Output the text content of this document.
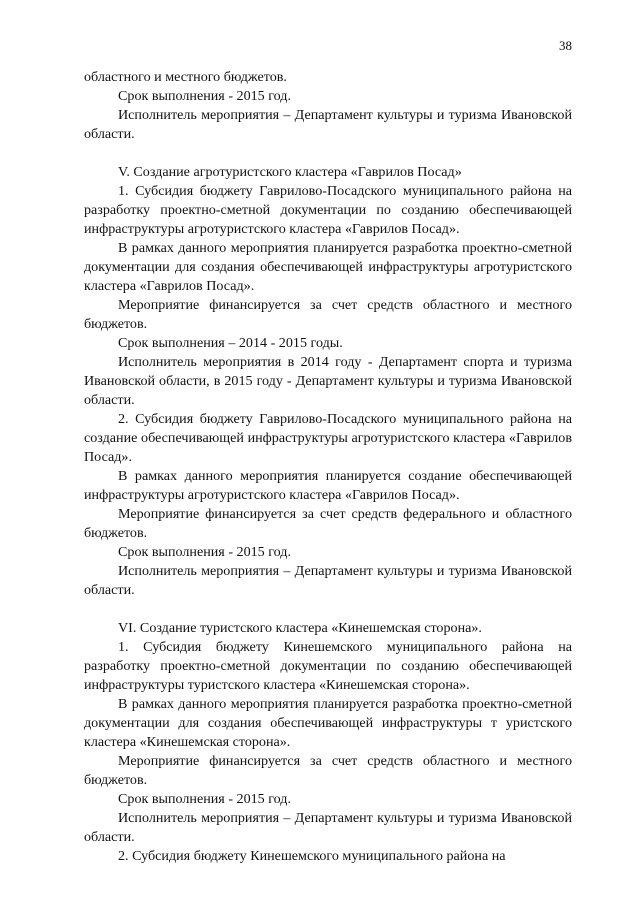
38

областного и местного бюджетов.

Срок выполнения - 2015 год.

Исполнитель мероприятия – Департамент культуры и туризма Ивановской области.

V. Создание агротуристского кластера «Гаврилов Посад»

1. Субсидия бюджету Гаврилово-Посадского муниципального района на разработку проектно-сметной документации по созданию обеспечивающей инфраструктуры агротуристского кластера «Гаврилов Посад».

В рамках данного мероприятия планируется разработка проектно-сметной документации для создания обеспечивающей инфраструктуры агротуристского кластера «Гаврилов Посад».

Мероприятие финансируется за счет средств областного и местного бюджетов.

Срок выполнения – 2014 - 2015 годы.

Исполнитель мероприятия в 2014 году - Департамент спорта и туризма Ивановской области, в 2015 году - Департамент культуры и туризма Ивановской области.

2. Субсидия бюджету Гаврилово-Посадского муниципального района на создание обеспечивающей инфраструктуры агротуристского кластера «Гаврилов Посад».

В рамках данного мероприятия планируется создание обеспечивающей инфраструктуры агротуристского кластера «Гаврилов Посад».

Мероприятие финансируется за счет средств федерального и областного бюджетов.

Срок выполнения - 2015 год.

Исполнитель мероприятия – Департамент культуры и туризма Ивановской области.

VI. Создание туристского кластера «Кинешемская сторона».

1. Субсидия бюджету Кинешемского муниципального района на разработку проектно-сметной документации по созданию обеспечивающей инфраструктуры туристского кластера «Кинешемская сторона».

В рамках данного мероприятия планируется разработка проектно-сметной документации для создания обеспечивающей инфраструктуры т уристского кластера «Кинешемская сторона».

Мероприятие финансируется за счет средств областного и местного бюджетов.

Срок выполнения - 2015 год.

Исполнитель мероприятия – Департамент культуры и туризма Ивановской области.

2. Субсидия бюджету Кинешемского муниципального района на
